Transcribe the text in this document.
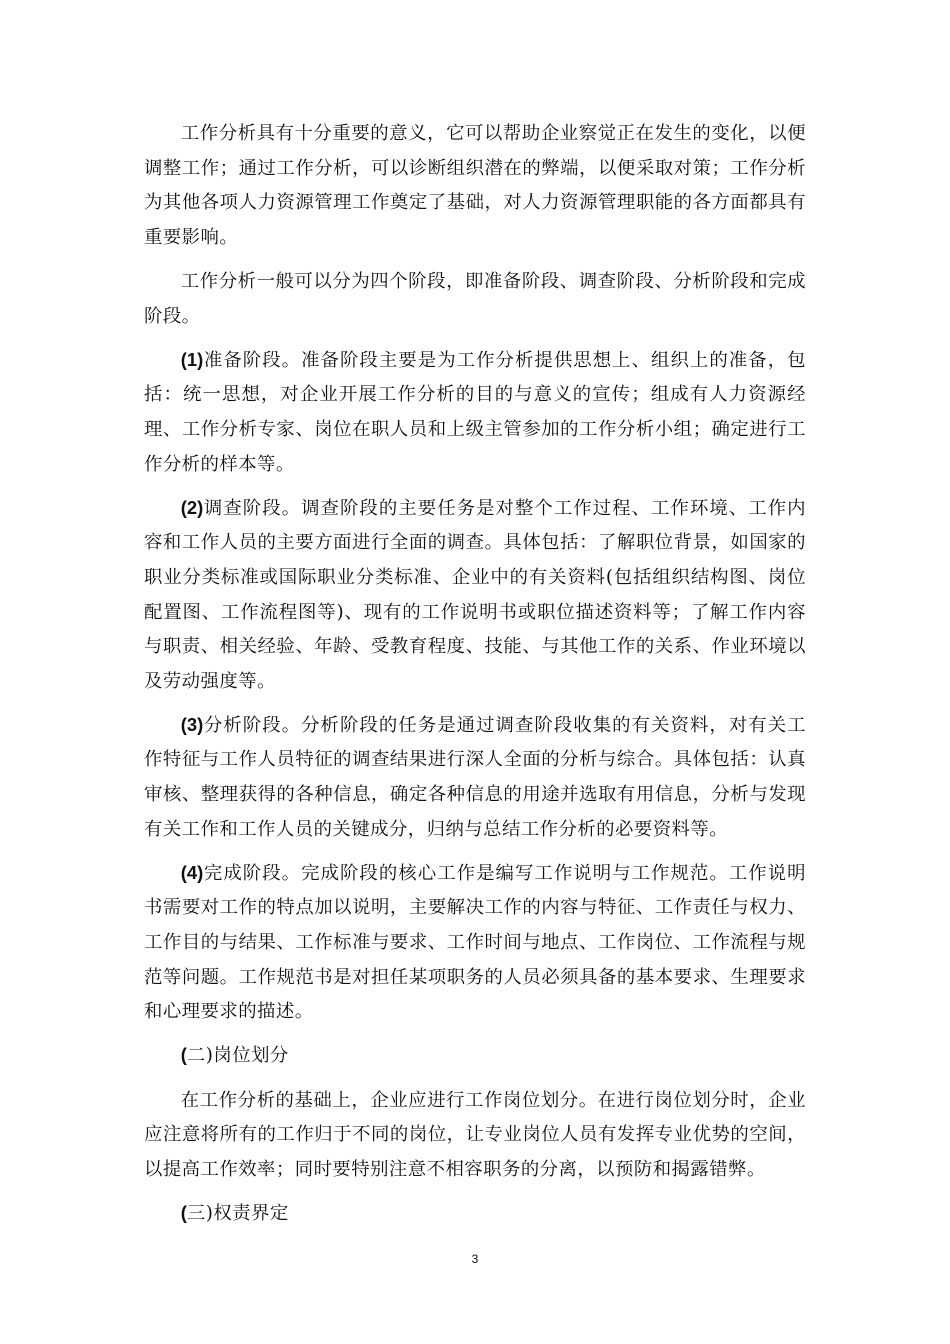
工作分析具有十分重要的意义，它可以帮助企业察觉正在发生的变化，以便调整工作；通过工作分析，可以诊断组织潜在的弊端，以便采取对策；工作分析为其他各项人力资源管理工作奠定了基础，对人力资源管理职能的各方面都具有重要影响。

工作分析一般可以分为四个阶段，即准备阶段、调查阶段、分析阶段和完成阶段。

(1)准备阶段。准备阶段主要是为工作分析提供思想上、组织上的准备，包括：统一思想，对企业开展工作分析的目的与意义的宣传；组成有人力资源经理、工作分析专家、岗位在职人员和上级主管参加的工作分析小组；确定进行工作分析的样本等。

(2)调查阶段。调查阶段的主要任务是对整个工作过程、工作环境、工作内容和工作人员的主要方面进行全面的调查。具体包括：了解职位背景，如国家的职业分类标准或国际职业分类标准、企业中的有关资料(包括组织结构图、岗位配置图、工作流程图等)、现有的工作说明书或职位描述资料等；了解工作内容与职责、相关经验、年龄、受教育程度、技能、与其他工作的关系、作业环境以及劳动强度等。

(3)分析阶段。分析阶段的任务是通过调查阶段收集的有关资料，对有关工作特征与工作人员特征的调查结果进行深人全面的分析与综合。具体包括：认真审核、整理获得的各种信息，确定各种信息的用途并选取有用信息，分析与发现有关工作和工作人员的关键成分，归纳与总结工作分析的必要资料等。

(4)完成阶段。完成阶段的核心工作是编写工作说明与工作规范。工作说明书需要对工作的特点加以说明，主要解决工作的内容与特征、工作责任与权力、工作目的与结果、工作标准与要求、工作时间与地点、工作岗位、工作流程与规范等问题。工作规范书是对担任某项职务的人员必须具备的基本要求、生理要求和心理要求的描述。

(二)岗位划分

在工作分析的基础上，企业应进行工作岗位划分。在进行岗位划分时，企业应注意将所有的工作归于不同的岗位，让专业岗位人员有发挥专业优势的空间，以提高工作效率；同时要特别注意不相容职务的分离，以预防和揭露错弊。

(三)权责界定

3
